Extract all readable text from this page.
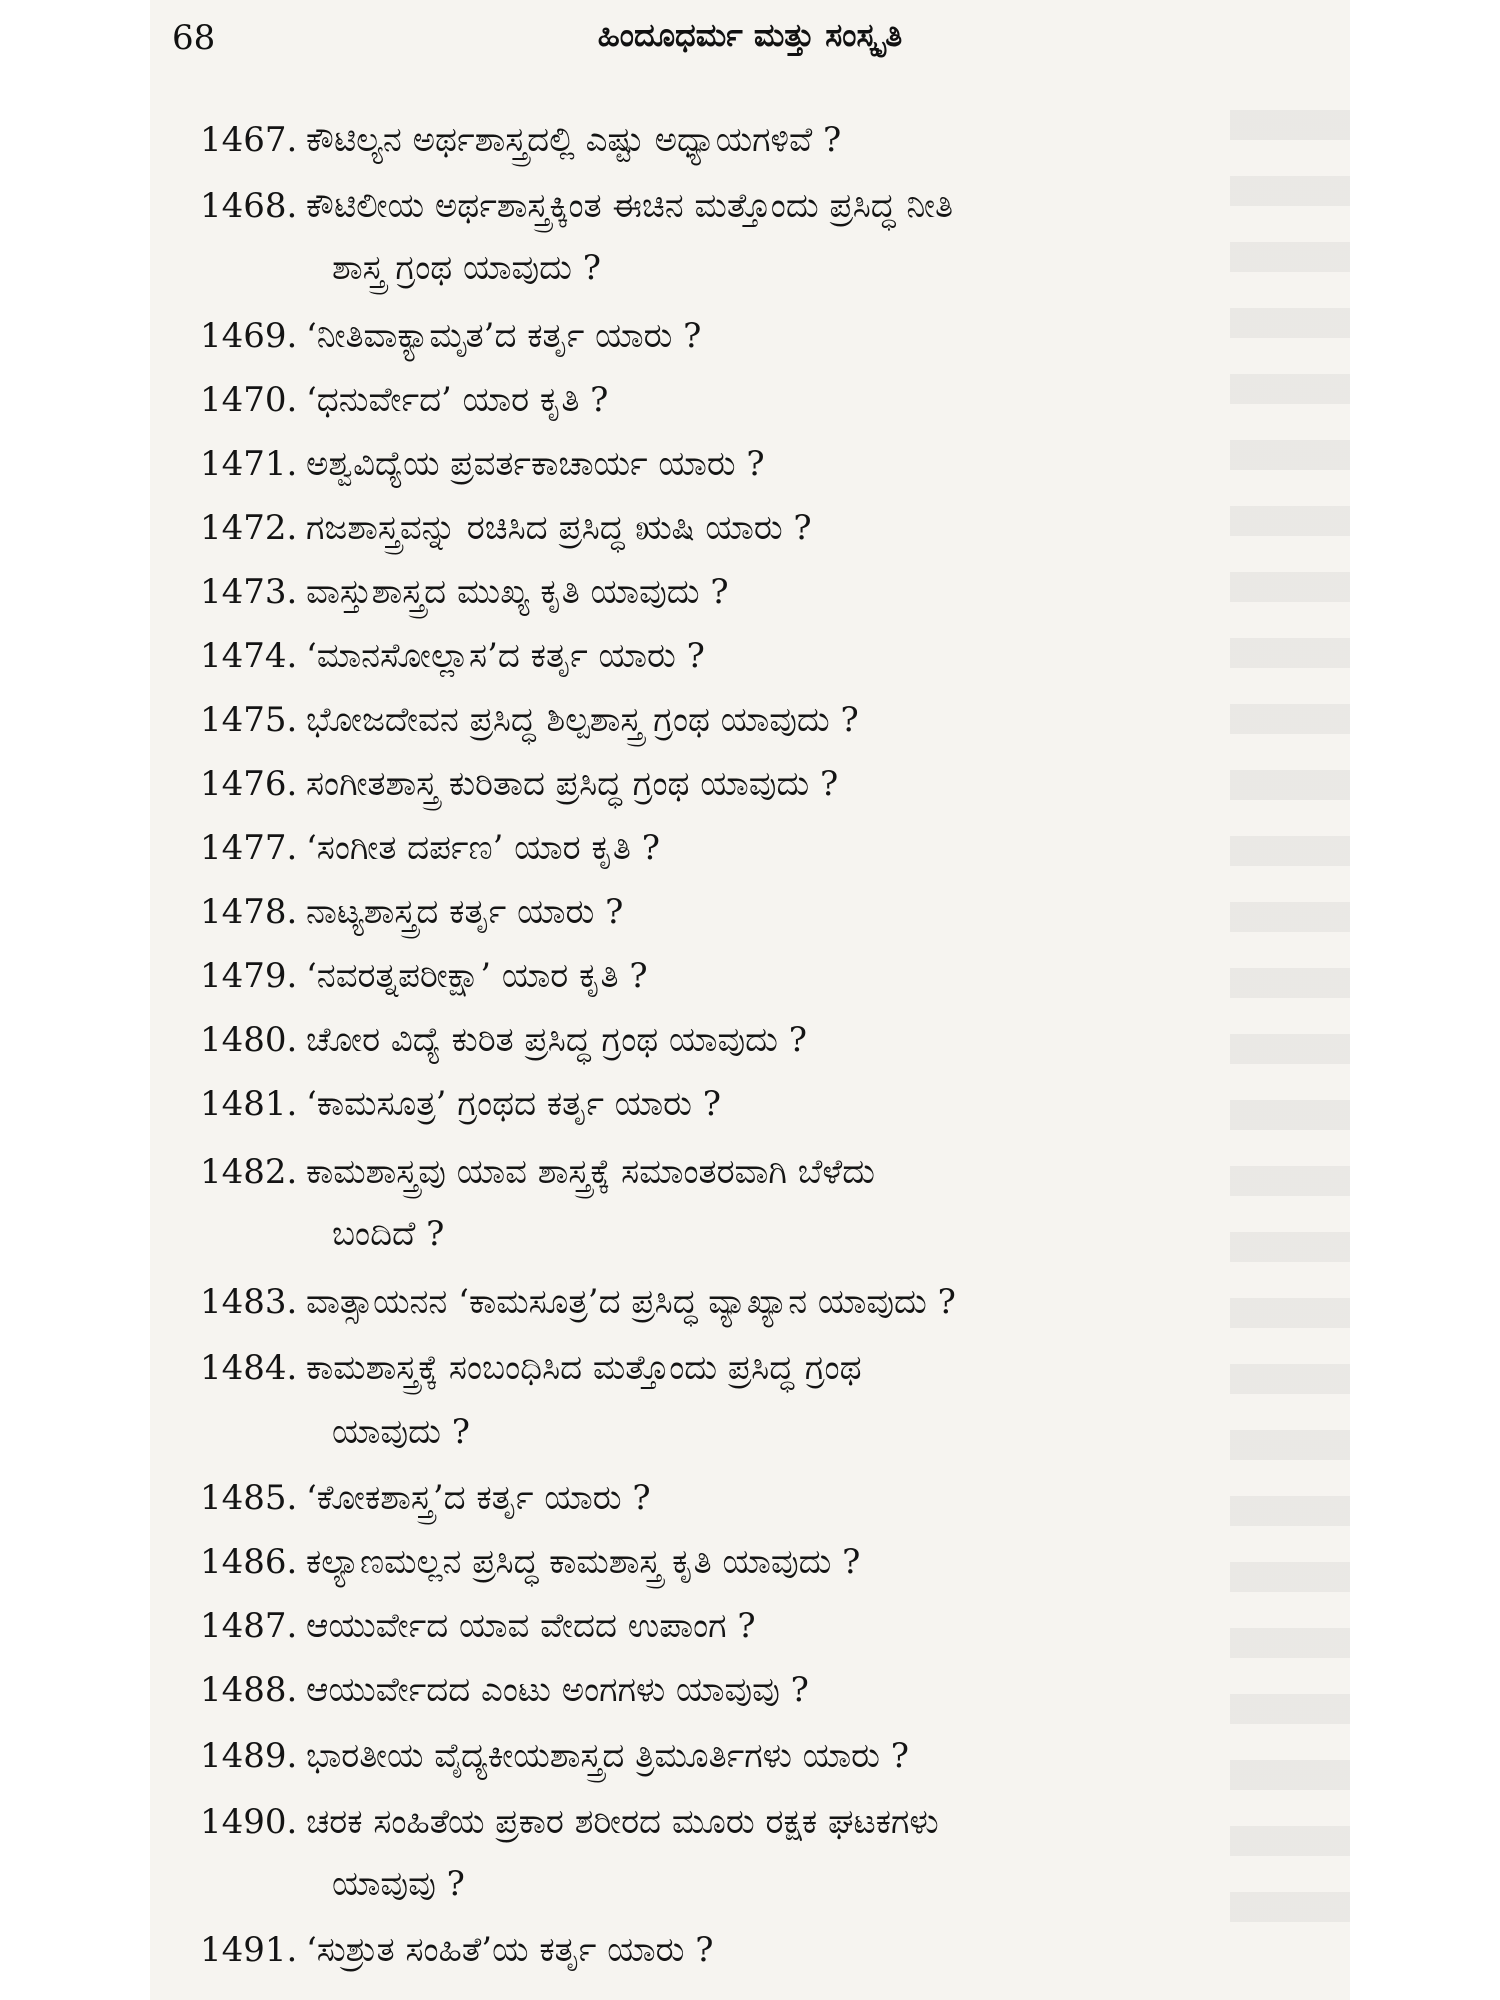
68	ಹಿಂದೂಧರ್ಮ ಮತ್ತು ಸಂಸ್ಕೃತಿ
1467. ಕೌಟಿಲ್ಯನ ಅರ್ಥಶಾಸ್ತ್ರದಲ್ಲಿ ಎಷ್ಟು ಅಧ್ಯಾಯಗಳಿವೆ ?
1468. ಕೌಟಿಲೀಯ ಅರ್ಥಶಾಸ್ತ್ರಕ್ಕಿಂತ ಈಚಿನ ಮತ್ತೊಂದು ಪ್ರಸಿದ್ಧ ನೀತಿ
ಶಾಸ್ತ್ರ ಗ್ರಂಥ ಯಾವುದು ?
1469. ‘ನೀತಿವಾಕ್ಯಾಮೃತ’ದ ಕರ್ತೃ ಯಾರು ?
1470. ‘ಧನುರ್ವೇದ’ ಯಾರ ಕೃತಿ ?
1471. ಅಶ್ವವಿದ್ಯೆಯ ಪ್ರವರ್ತಕಾಚಾರ್ಯ ಯಾರು ?
1472. ಗಜಶಾಸ್ತ್ರವನ್ನು ರಚಿಸಿದ ಪ್ರಸಿದ್ಧ ಋಷಿ ಯಾರು ?
1473. ವಾಸ್ತುಶಾಸ್ತ್ರದ ಮುಖ್ಯ ಕೃತಿ ಯಾವುದು ?
1474. ‘ಮಾನಸೋಲ್ಲಾಸ’ದ ಕರ್ತೃ ಯಾರು ?
1475. ಭೋಜದೇವನ ಪ್ರಸಿದ್ಧ ಶಿಲ್ಪಶಾಸ್ತ್ರ ಗ್ರಂಥ ಯಾವುದು ?
1476. ಸಂಗೀತಶಾಸ್ತ್ರ ಕುರಿತಾದ ಪ್ರಸಿದ್ಧ ಗ್ರಂಥ ಯಾವುದು ?
1477. ‘ಸಂಗೀತ ದರ್ಪಣ’ ಯಾರ ಕೃತಿ ?
1478. ನಾಟ್ಯಶಾಸ್ತ್ರದ ಕರ್ತೃ ಯಾರು ?
1479. ‘ನವರತ್ನಪರೀಕ್ಷಾ’ ಯಾರ ಕೃತಿ ?
1480. ಚೋರ ವಿದ್ಯೆ ಕುರಿತ ಪ್ರಸಿದ್ಧ ಗ್ರಂಥ ಯಾವುದು ?
1481. ‘ಕಾಮಸೂತ್ರ’ ಗ್ರಂಥದ ಕರ್ತೃ ಯಾರು ?
1482. ಕಾಮಶಾಸ್ತ್ರವು ಯಾವ ಶಾಸ್ತ್ರಕ್ಕೆ ಸಮಾಂತರವಾಗಿ ಬೆಳೆದು
ಬಂದಿದೆ ?
1483. ವಾತ್ಸಾಯನನ ‘ಕಾಮಸೂತ್ರ’ದ ಪ್ರಸಿದ್ಧ ವ್ಯಾಖ್ಯಾನ ಯಾವುದು ?
1484. ಕಾಮಶಾಸ್ತ್ರಕ್ಕೆ ಸಂಬಂಧಿಸಿದ ಮತ್ತೊಂದು ಪ್ರಸಿದ್ಧ ಗ್ರಂಥ
ಯಾವುದು ?
1485. ‘ಕೋಕಶಾಸ್ತ್ರ’ದ ಕರ್ತೃ ಯಾರು ?
1486. ಕಲ್ಯಾಣಮಲ್ಲನ ಪ್ರಸಿದ್ಧ ಕಾಮಶಾಸ್ತ್ರ ಕೃತಿ ಯಾವುದು ?
1487. ಆಯುರ್ವೇದ ಯಾವ ವೇದದ ಉಪಾಂಗ ?
1488. ಆಯುರ್ವೇದದ ಎಂಟು ಅಂಗಗಳು ಯಾವುವು ?
1489. ಭಾರತೀಯ ವೈದ್ಯಕೀಯಶಾಸ್ತ್ರದ ತ್ರಿಮೂರ್ತಿಗಳು ಯಾರು ?
1490. ಚರಕ ಸಂಹಿತೆಯ ಪ್ರಕಾರ ಶರೀರದ ಮೂರು ರಕ್ಷಕ ಘಟಕಗಳು
ಯಾವುವು ?
1491. ‘ಸುಶ್ರುತ ಸಂಹಿತೆ’ಯ ಕರ್ತೃ ಯಾರು ?
